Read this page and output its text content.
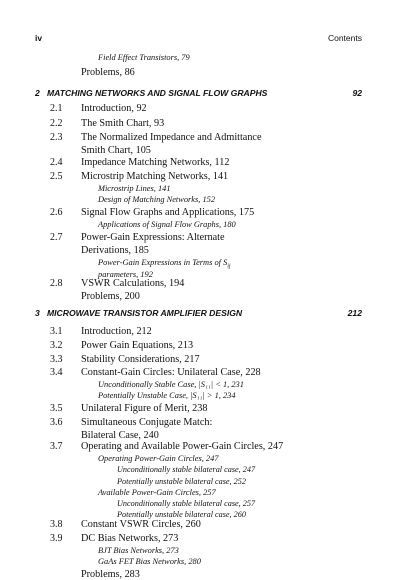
iv	Contents
Field Effect Transistors, 79
Problems, 86
2 MATCHING NETWORKS AND SIGNAL FLOW GRAPHS	92
2.1 Introduction, 92
2.2 The Smith Chart, 93
2.3 The Normalized Impedance and Admittance
Smith Chart, 105
2.4 Impedance Matching Networks, 112
2.5 Microstrip Matching Networks, 141
Microstrip Lines, 141
Design of Matching Networks, 152
2.6 Signal Flow Graphs and Applications, 175
Applications of Signal Flow Graphs, 180
2.7 Power-Gain Expressions: Alternate
Derivations, 185
Power-Gain Expressions in Terms of $S_{ij}$
parameters, 192
2.8 VSWR Calculations, 194
Problems, 200
3 MICROWAVE TRANSISTOR AMPLIFIER DESIGN	212
3.1 Introduction, 212
3.2 Power Gain Equations, 213
3.3 Stability Considerations, 217
3.4 Constant-Gain Circles: Unilateral Case, 228
Unconditionally Stable Case, |S₁₁| < 1, 231
Potentially Unstable Case, |S₁₁| > 1, 234
3.5 Unilateral Figure of Merit, 238
3.6 Simultaneous Conjugate Match:
Bilateral Case, 240
3.7 Operating and Available Power-Gain Circles, 247
Operating Power-Gain Circles, 247
Unconditionally stable bilateral case, 247
Potentially unstable bilateral case, 252
Available Power-Gain Circles, 257
Unconditionally stable bilateral case, 257
Potentially unstable bilateral case, 260
3.8 Constant VSWR Circles, 260
3.9 DC Bias Networks, 273
BJT Bias Networks, 273
GaAs FET Bias Networks, 280
Problems, 283
